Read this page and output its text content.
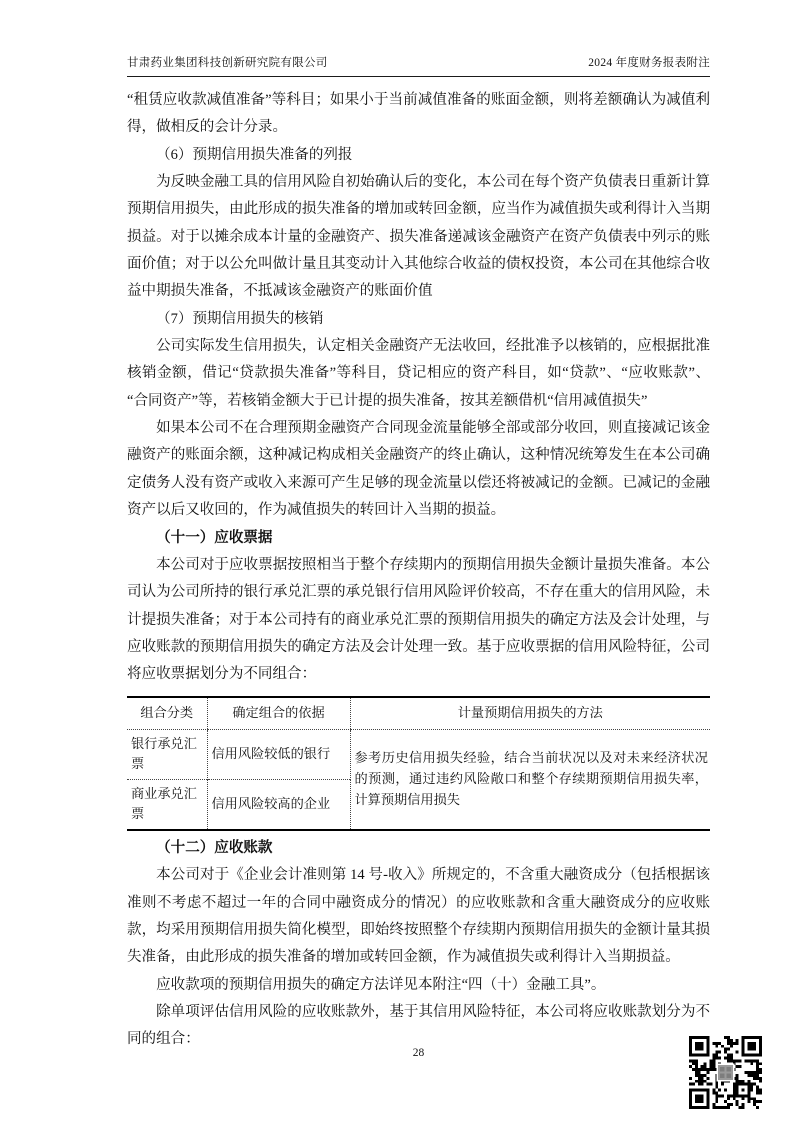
甘肃药业集团科技创新研究院有限公司	2024 年度财务报表附注

“租赁应收款减值准备”等科目；如果小于当前减值准备的账面金额，则将差额确认为减值利得，做相反的会计分录。

（6）预期信用损失准备的列报

为反映金融工具的信用风险自初始确认后的变化，本公司在每个资产负债表日重新计算预期信用损失，由此形成的损失准备的增加或转回金额，应当作为减值损失或利得计入当期损益。对于以摊余成本计量的金融资产、损失准备递减该金融资产在资产负债表中列示的账面价值；对于以公允叫做计量且其变动计入其他综合收益的债权投资，本公司在其他综合收益中期损失准备，不抵减该金融资产的账面价值

（7）预期信用损失的核销

公司实际发生信用损失，认定相关金融资产无法收回，经批准予以核销的，应根据批准核销金额，借记“贷款损失准备”等科目，贷记相应的资产科目，如“贷款”、“应收账款”、“合同资产”等，若核销金额大于已计提的损失准备，按其差额借机“信用减值损失”

如果本公司不在合理预期金融资产合同现金流量能够全部或部分收回，则直接减记该金融资产的账面余额，这种减记构成相关金融资产的终止确认，这种情况统筹发生在本公司确定债务人没有资产或收入来源可产生足够的现金流量以偿还将被减记的金额。已减记的金融资产以后又收回的，作为减值损失的转回计入当期的损益。

（十一）应收票据

本公司对于应收票据按照相当于整个存续期内的预期信用损失金额计量损失准备。本公司认为公司所持的银行承兑汇票的承兑银行信用风险评价较高，不存在重大的信用风险，未计提损失准备；对于本公司持有的商业承兑汇票的预期信用损失的确定方法及会计处理，与应收账款的预期信用损失的确定方法及会计处理一致。基于应收票据的信用风险特征，公司将应收票据划分为不同组合：

组合分类	确定组合的依据	计量预期信用损失的方法
银行承兑汇票	信用风险较低的银行	参考历史信用损失经验，结合当前状况以及对未来经济状况的预测，通过违约风险敞口和整个存续期预期信用损失率，计算预期信用损失
商业承兑汇票	信用风险较高的企业	

（十二）应收账款

本公司对于《企业会计准则第 14 号-收入》所规定的，不含重大融资成分（包括根据该准则不考虑不超过一年的合同中融资成分的情况）的应收账款和含重大融资成分的应收账款，均采用预期信用损失简化模型，即始终按照整个存续期内预期信用损失的金额计量其损失准备，由此形成的损失准备的增加或转回金额，作为减值损失或利得计入当期损益。

应收款项的预期信用损失的确定方法详见本附注“四（十）金融工具”。

除单项评估信用风险的应收账款外，基于其信用风险特征，本公司将应收账款划分为不同的组合：

28
